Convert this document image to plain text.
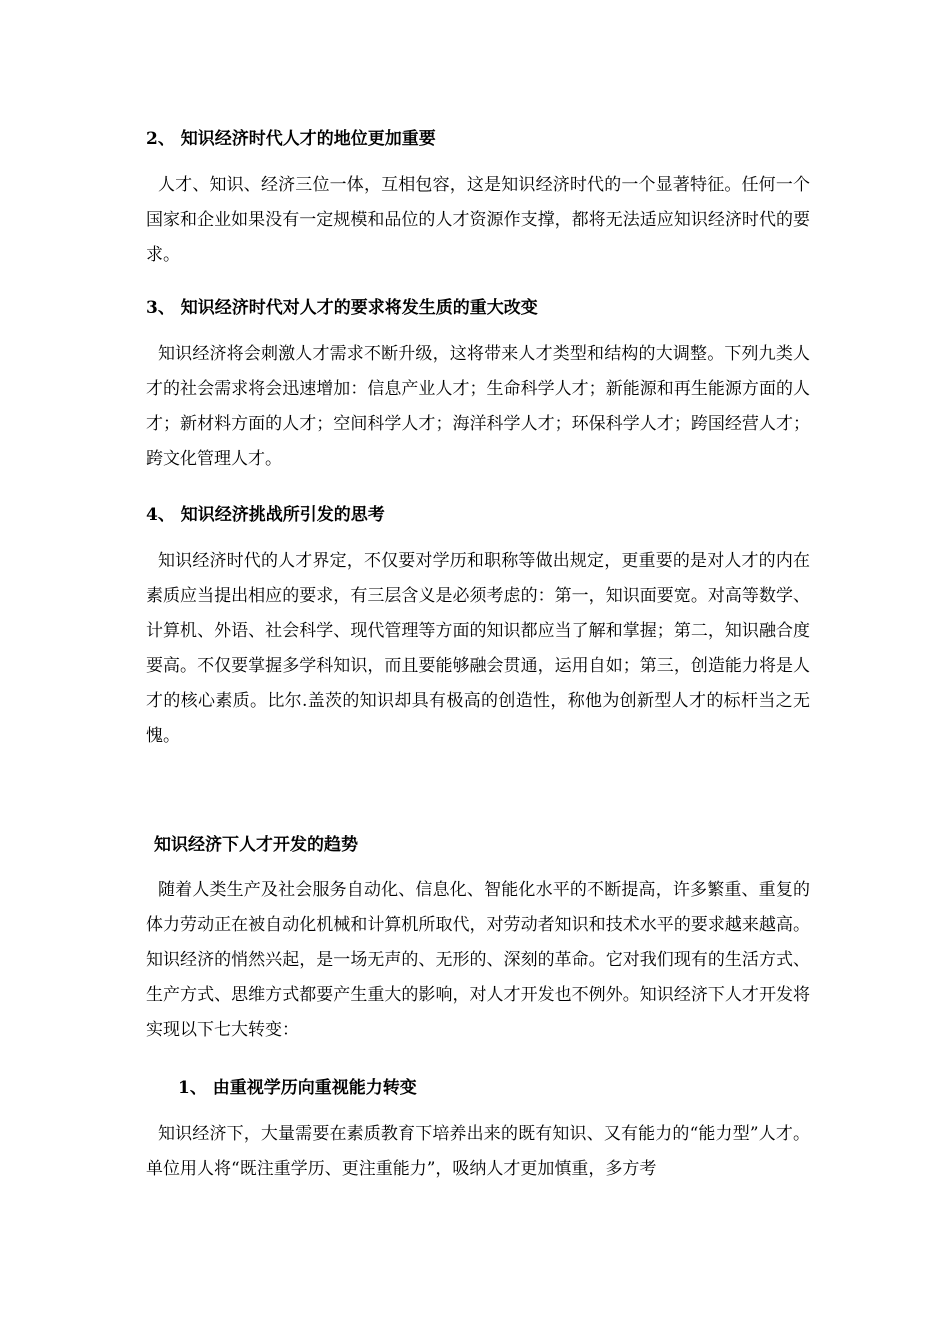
2、 知识经济时代人才的地位更加重要
人才、知识、经济三位一体，互相包容，这是知识经济时代的一个显著特征。任何一个国家和企业如果没有一定规模和品位的人才资源作支撑，都将无法适应知识经济时代的要求。
3、 知识经济时代对人才的要求将发生质的重大改变
知识经济将会刺激人才需求不断升级，这将带来人才类型和结构的大调整。下列九类人才的社会需求将会迅速增加：信息产业人才；生命科学人才；新能源和再生能源方面的人才；新材料方面的人才；空间科学人才；海洋科学人才；环保科学人才；跨国经营人才；跨文化管理人才。
4、 知识经济挑战所引发的思考
知识经济时代的人才界定，不仅要对学历和职称等做出规定，更重要的是对人才的内在素质应当提出相应的要求，有三层含义是必须考虑的：第一，知识面要宽。对高等数学、计算机、外语、社会科学、现代管理等方面的知识都应当了解和掌握；第二，知识融合度要高。不仅要掌握多学科知识，而且要能够融会贯通，运用自如；第三，创造能力将是人才的核心素质。比尔.盖茨的知识却具有极高的创造性，称他为创新型人才的标杆当之无愧。
知识经济下人才开发的趋势
随着人类生产及社会服务自动化、信息化、智能化水平的不断提高，许多繁重、重复的体力劳动正在被自动化机械和计算机所取代，对劳动者知识和技术水平的要求越来越高。知识经济的悄然兴起，是一场无声的、无形的、深刻的革命。它对我们现有的生活方式、生产方式、思维方式都要产生重大的影响，对人才开发也不例外。知识经济下人才开发将实现以下七大转变：
1、 由重视学历向重视能力转变
知识经济下，大量需要在素质教育下培养出来的既有知识、又有能力的“能力型”人才。单位用人将“既注重学历、更注重能力”，吸纳人才更加慎重，多方考
